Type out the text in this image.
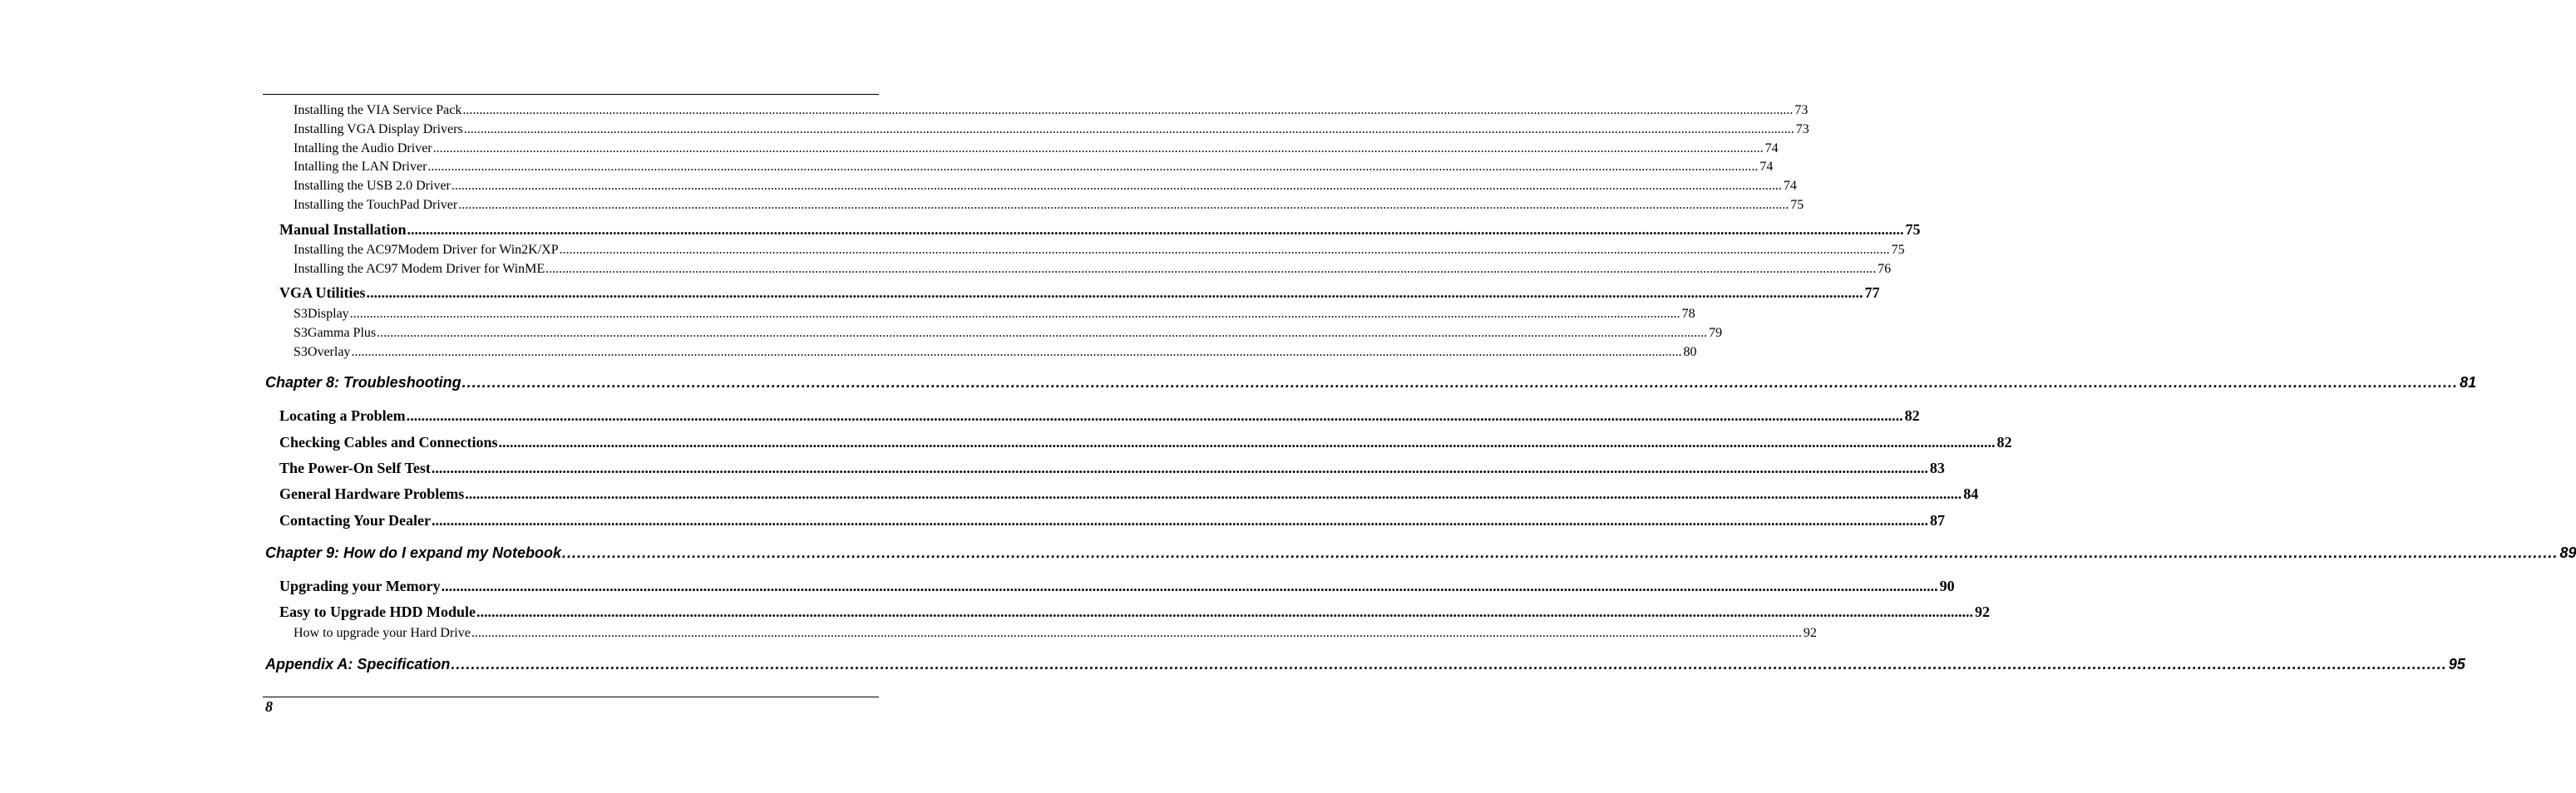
Installing the VIA Service Pack ................................................................................................................................................................................................................................................................................................................................................................................................................ 73
Installing VGA Display Drivers ................................................................................................................................................................................................................................................................................................................................................................................................................ 73
Intalling the Audio Driver ................................................................................................................................................................................................................................................................................................................................................................................................................ 74
Intalling the LAN Driver ................................................................................................................................................................................................................................................................................................................................................................................................................ 74
Installing the USB 2.0 Driver ................................................................................................................................................................................................................................................................................................................................................................................................................ 74
Installing the TouchPad Driver ................................................................................................................................................................................................................................................................................................................................................................................................................ 75
Manual Installation ................................................................................................................................................................................................................................................................................................................................................................................................................ 75
Installing the AC97Modem Driver for Win2K/XP ................................................................................................................................................................................................................................................................................................................................................................................................................ 75
Installing the AC97 Modem Driver for WinME ................................................................................................................................................................................................................................................................................................................................................................................................................ 76
VGA Utilities ................................................................................................................................................................................................................................................................................................................................................................................................................ 77
S3Display ................................................................................................................................................................................................................................................................................................................................................................................................................ 78
S3Gamma Plus ................................................................................................................................................................................................................................................................................................................................................................................................................ 79
S3Overlay ................................................................................................................................................................................................................................................................................................................................................................................................................ 80
Chapter 8: Troubleshooting ................................................................................................................................................................................................................................................................................................................................................................................................................ 81
Locating a Problem ................................................................................................................................................................................................................................................................................................................................................................................................................ 82
Checking Cables and Connections ................................................................................................................................................................................................................................................................................................................................................................................................................ 82
The Power-On Self Test ................................................................................................................................................................................................................................................................................................................................................................................................................ 83
General Hardware Problems ................................................................................................................................................................................................................................................................................................................................................................................................................ 84
Contacting Your Dealer ................................................................................................................................................................................................................................................................................................................................................................................................................ 87
Chapter 9: How do I expand my Notebook ................................................................................................................................................................................................................................................................................................................................................................................................................ 89
Upgrading your Memory ................................................................................................................................................................................................................................................................................................................................................................................................................ 90
Easy to Upgrade HDD Module ................................................................................................................................................................................................................................................................................................................................................................................................................ 92
How to upgrade your Hard Drive ................................................................................................................................................................................................................................................................................................................................................................................................................ 92
Appendix A: Specification ................................................................................................................................................................................................................................................................................................................................................................................................................ 95
8
